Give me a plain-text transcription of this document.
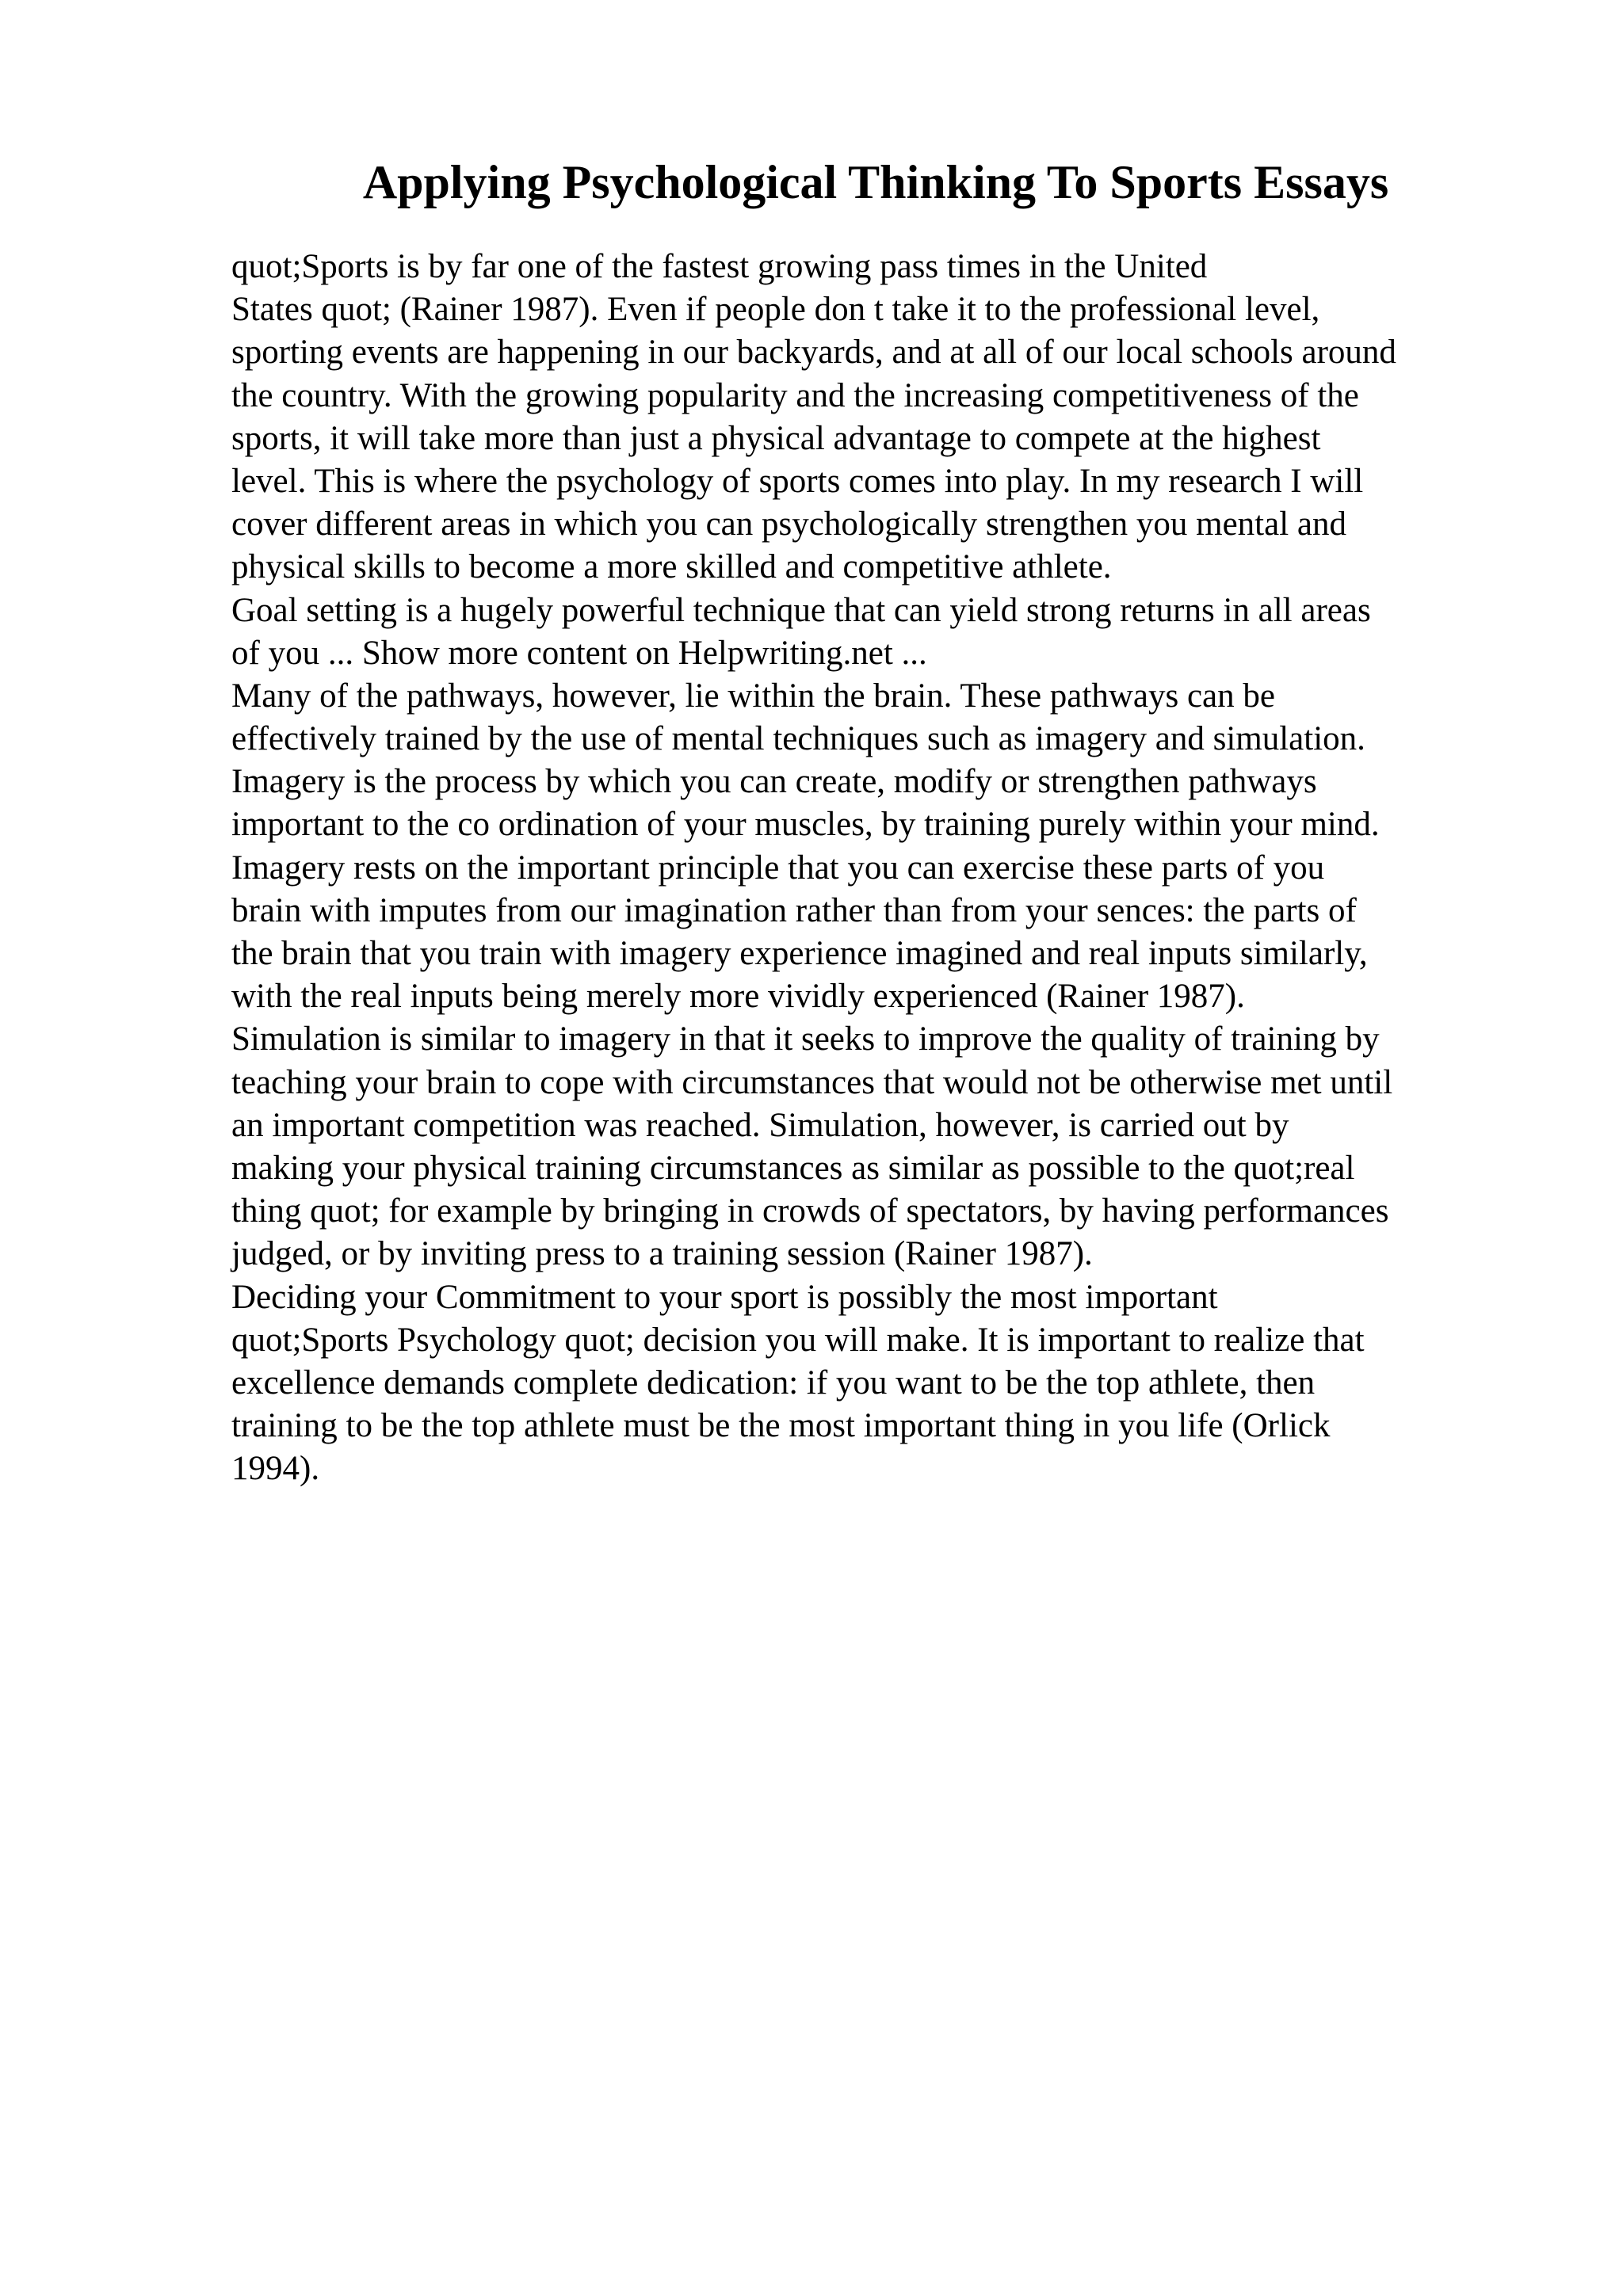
Applying Psychological Thinking To Sports Essays
quot;Sports is by far one of the fastest growing pass times in the United
States quot; (Rainer 1987). Even if people don t take it to the professional level,
sporting events are happening in our backyards, and at all of our local schools around
the country. With the growing popularity and the increasing competitiveness of the
sports, it will take more than just a physical advantage to compete at the highest
level. This is where the psychology of sports comes into play. In my research I will
cover different areas in which you can psychologically strengthen you mental and
physical skills to become a more skilled and competitive athlete.
Goal setting is a hugely powerful technique that can yield strong returns in all areas
of you ... Show more content on Helpwriting.net ...
Many of the pathways, however, lie within the brain. These pathways can be
effectively trained by the use of mental techniques such as imagery and simulation.
Imagery is the process by which you can create, modify or strengthen pathways
important to the co ordination of your muscles, by training purely within your mind.
Imagery rests on the important principle that you can exercise these parts of you
brain with imputes from our imagination rather than from your sences: the parts of
the brain that you train with imagery experience imagined and real inputs similarly,
with the real inputs being merely more vividly experienced (Rainer 1987).
Simulation is similar to imagery in that it seeks to improve the quality of training by
teaching your brain to cope with circumstances that would not be otherwise met until
an important competition was reached. Simulation, however, is carried out by
making your physical training circumstances as similar as possible to the quot;real
thing quot; for example by bringing in crowds of spectators, by having performances
judged, or by inviting press to a training session (Rainer 1987).
Deciding your Commitment to your sport is possibly the most important
quot;Sports Psychology quot; decision you will make. It is important to realize that
excellence demands complete dedication: if you want to be the top athlete, then
training to be the top athlete must be the most important thing in you life (Orlick
1994).
